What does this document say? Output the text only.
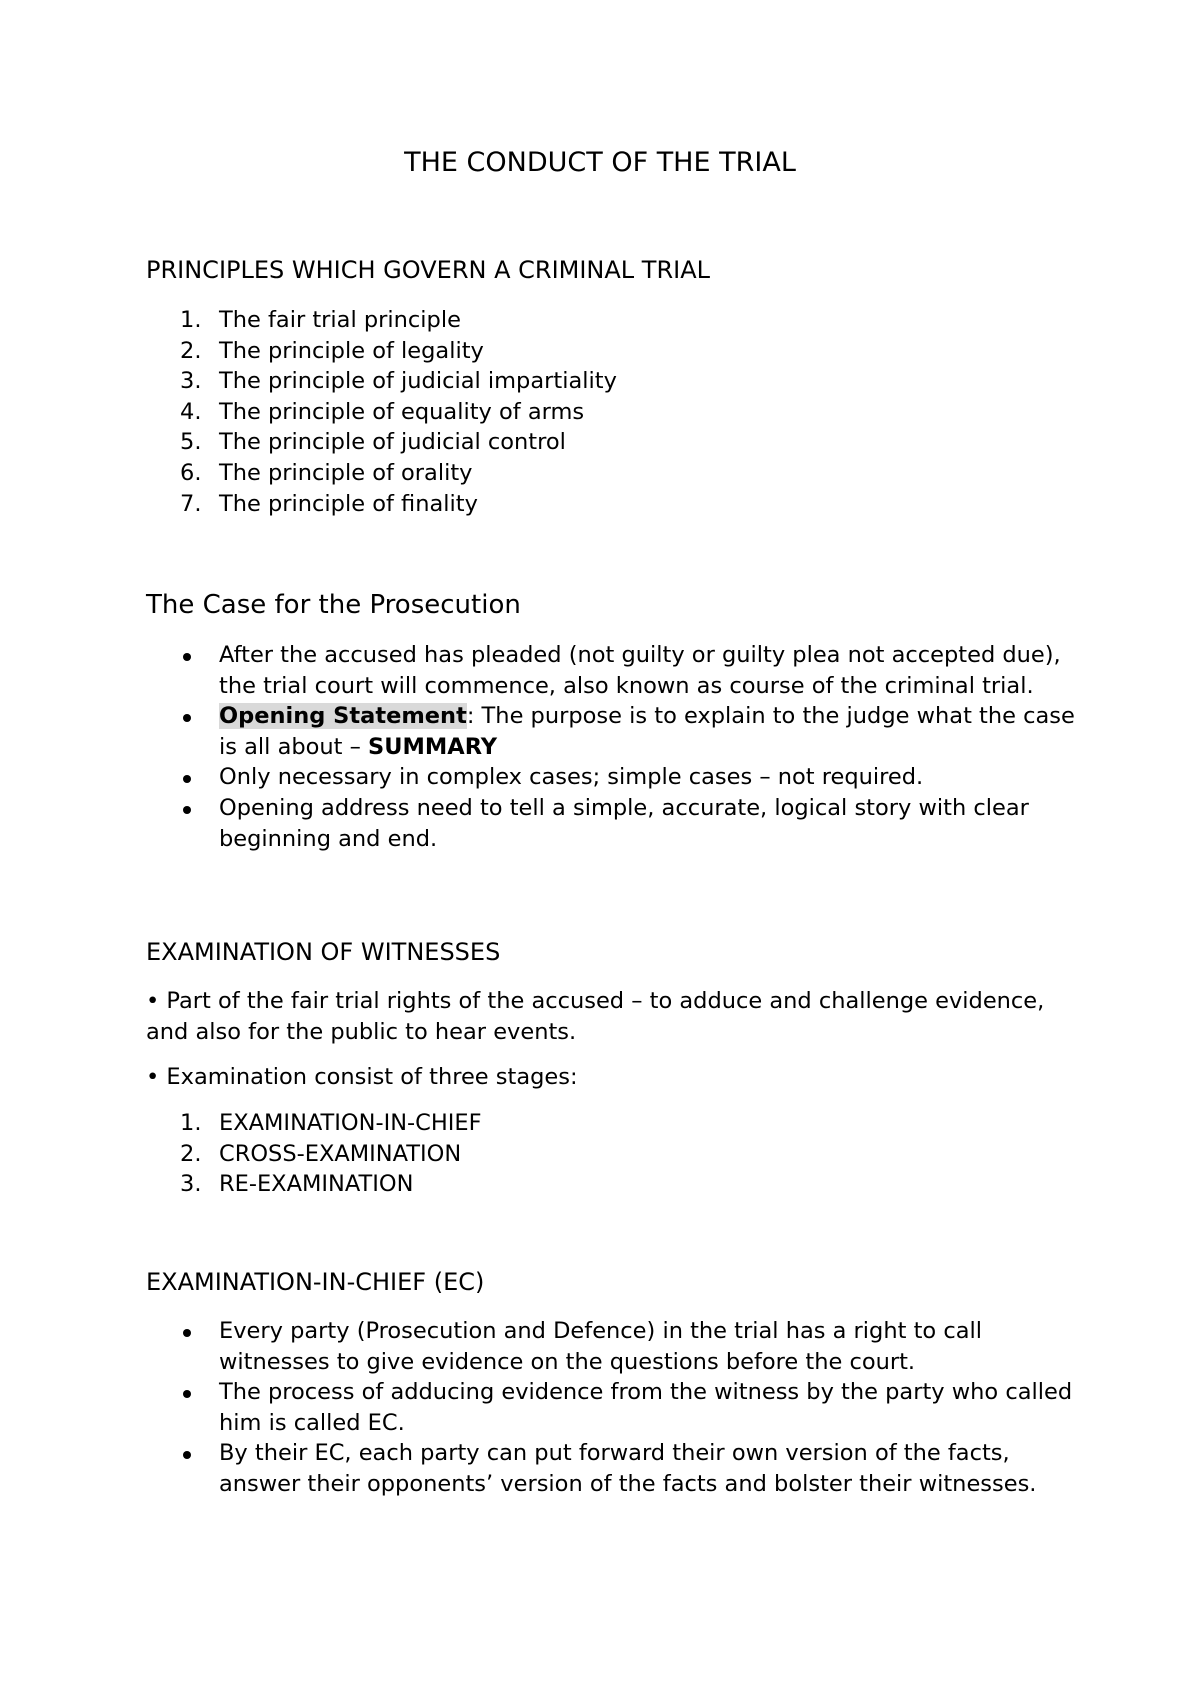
THE CONDUCT OF THE TRIAL
PRINCIPLES WHICH GOVERN A CRIMINAL TRIAL
1. The fair trial principle
2. The principle of legality
3. The principle of judicial impartiality
4. The principle of equality of arms
5. The principle of judicial control
6. The principle of orality
7. The principle of finality
The Case for the Prosecution
After the accused has pleaded (not guilty or guilty plea not accepted due), the trial court will commence, also known as course of the criminal trial.
Opening Statement: The purpose is to explain to the judge what the case is all about – SUMMARY
Only necessary in complex cases; simple cases – not required.
Opening address need to tell a simple, accurate, logical story with clear beginning and end.
EXAMINATION OF WITNESSES

• Part of the fair trial rights of the accused – to adduce and challenge evidence, and also for the public to hear events.

• Examination consist of three stages:

1. EXAMINATION-IN-CHIEF
2. CROSS-EXAMINATION
3. RE-EXAMINATION
EXAMINATION-IN-CHIEF (EC)
Every party (Prosecution and Defence) in the trial has a right to call witnesses to give evidence on the questions before the court.
The process of adducing evidence from the witness by the party who called him is called EC.
By their EC, each party can put forward their own version of the facts, answer their opponents’ version of the facts and bolster their witnesses.
